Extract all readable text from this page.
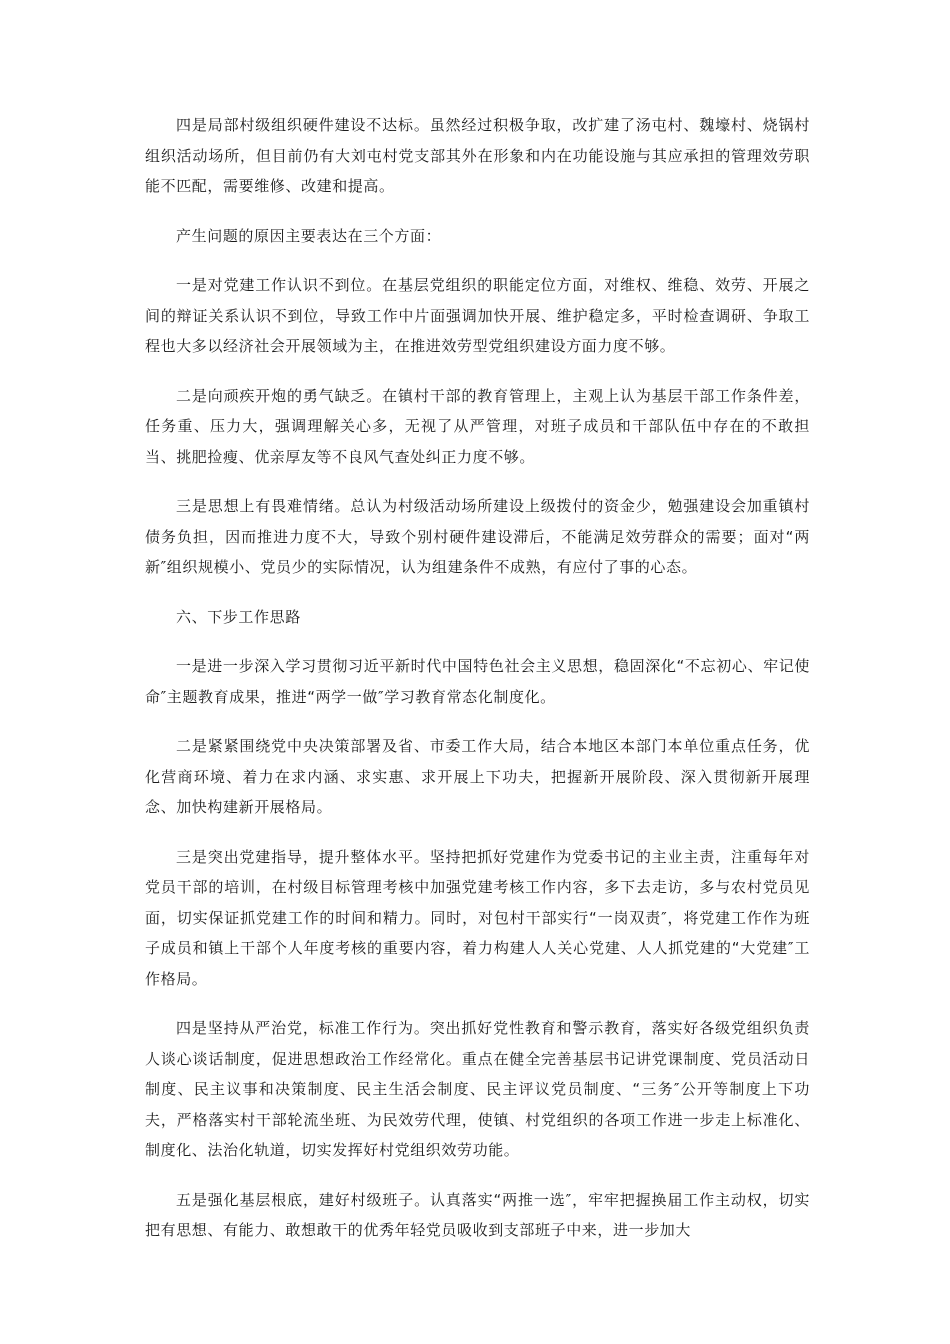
四是局部村级组织硬件建设不达标。虽然经过积极争取，改扩建了汤屯村、魏壕村、烧锅村组织活动场所，但目前仍有大刘屯村党支部其外在形象和内在功能设施与其应承担的管理效劳职能不匹配，需要维修、改建和提高。

产生问题的原因主要表达在三个方面：

一是对党建工作认识不到位。在基层党组织的职能定位方面，对维权、维稳、效劳、开展之间的辩证关系认识不到位，导致工作中片面强调加快开展、维护稳定多，平时检查调研、争取工程也大多以经济社会开展领域为主，在推进效劳型党组织建设方面力度不够。

二是向顽疾开炮的勇气缺乏。在镇村干部的教育管理上，主观上认为基层干部工作条件差，任务重、压力大，强调理解关心多，无视了从严管理，对班子成员和干部队伍中存在的不敢担当、挑肥捡瘦、优亲厚友等不良风气查处纠正力度不够。

三是思想上有畏难情绪。总认为村级活动场所建设上级拨付的资金少，勉强建设会加重镇村债务负担，因而推进力度不大，导致个别村硬件建设滞后，不能满足效劳群众的需要；面对“两新″组织规模小、党员少的实际情况，认为组建条件不成熟，有应付了事的心态。

六、下步工作思路

一是进一步深入学习贯彻习近平新时代中国特色社会主义思想，稳固深化“不忘初心、牢记使命″主题教育成果，推进“两学一做″学习教育常态化制度化。

二是紧紧围绕党中央决策部署及省、市委工作大局，结合本地区本部门本单位重点任务，优化营商环境、着力在求内涵、求实惠、求开展上下功夫，把握新开展阶段、深入贯彻新开展理念、加快构建新开展格局。

三是突出党建指导，提升整体水平。坚持把抓好党建作为党委书记的主业主责，注重每年对党员干部的培训，在村级目标管理考核中加强党建考核工作内容，多下去走访，多与农村党员见面，切实保证抓党建工作的时间和精力。同时，对包村干部实行“一岗双责″，将党建工作作为班子成员和镇上干部个人年度考核的重要内容，着力构建人人关心党建、人人抓党建的“大党建″工作格局。

四是坚持从严治党，标准工作行为。突出抓好党性教育和警示教育，落实好各级党组织负责人谈心谈话制度，促进思想政治工作经常化。重点在健全完善基层书记讲党课制度、党员活动日制度、民主议事和决策制度、民主生活会制度、民主评议党员制度、“三务″公开等制度上下功夫，严格落实村干部轮流坐班、为民效劳代理，使镇、村党组织的各项工作进一步走上标准化、制度化、法治化轨道，切实发挥好村党组织效劳功能。

五是强化基层根底，建好村级班子。认真落实“两推一选″，牢牢把握换届工作主动权，切实把有思想、有能力、敢想敢干的优秀年轻党员吸收到支部班子中来，进一步加大
